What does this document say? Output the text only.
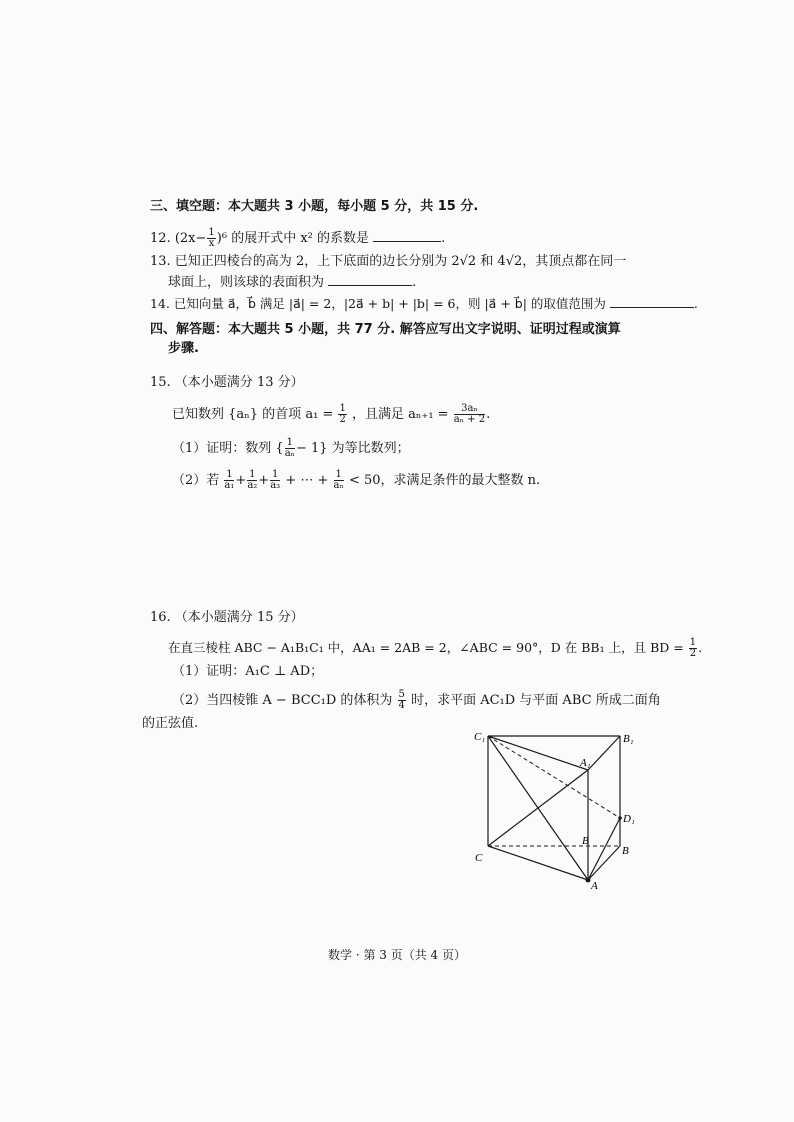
三、填空题：本大题共 3 小题，每小题 5 分，共 15 分.
12. $(2x- \frac{1}{x} )^6$ 的展开式中 x² 的系数是	.
13. 已知正四棱台的高为 2，上下底面的边长分别为 2√2 和 4√2，其顶点都在同一
球面上，则该球的表面积为	.
14. 已知向量 a⃗，b⃗ 满足 |a⃗| = 2，|2a⃗ + b| + |b| = 6，则 |a⃗ + b⃗| 的取值范围为	.
四、解答题：本大题共 5 小题，共 77 分. 解答应写出文字说明、证明过程或演算
步骤.
15. （本小题满分 13 分）
已知数列 {aₙ} 的首项 $a_1 = \frac{1}{2}$ ，且满足 $a_{n+1} = \frac{\text{3aₙ}}{\text{aₙ + 2}}$ .
（1）证明：数列 { $\frac{1}{\text{aₙ}} - 1$} 为等比数列；
（2）若 $\frac{1}{\text{a₁}} + \frac{1}{\text{a₂}} + \frac{1}{\text{a₃}}$ + ⋯ + $\frac{1}{\text{aₙ}} < 50$，求满足条件的最大整数 n.
16. （本小题满分 15 分）
在直三棱柱 ABC − A₁B₁C₁ 中，AA₁ = 2AB = 2，∠ABC = 90°，D 在 BB₁ 上，且 BD = $\frac{1}{2}$ .
（1）证明：A₁C ⊥ AD；
（2）当四棱锥 A − BCC₁D 的体积为 $\frac{5}{4}$ 时，求平面 AC₁D 与平面 ABC 所成二面角
的正弦值.
C₁	B₁
A₁
D₁
B
C
B
A
数学 · 第 3 页（共 4 页）
